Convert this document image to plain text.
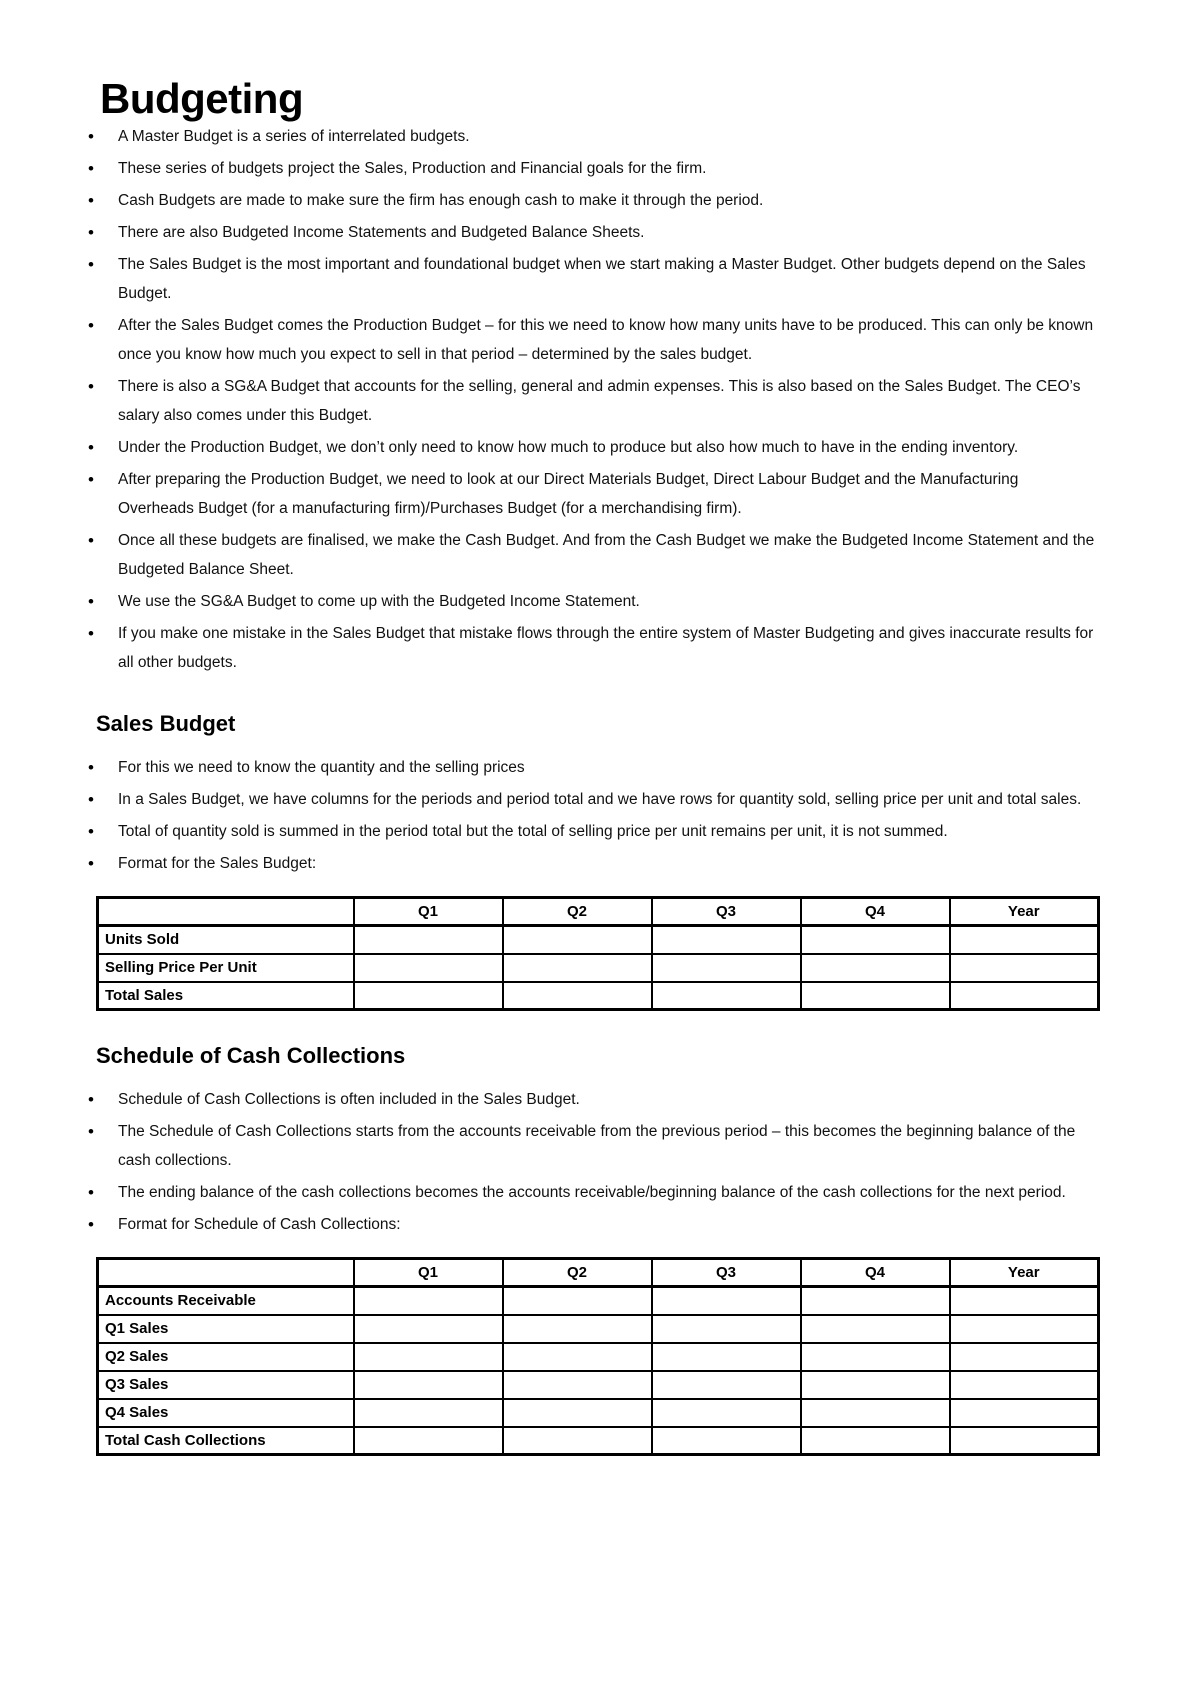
Budgeting
• A Master Budget is a series of interrelated budgets.
• These series of budgets project the Sales, Production and Financial goals for the firm.
• Cash Budgets are made to make sure the firm has enough cash to make it through the period.
• There are also Budgeted Income Statements and Budgeted Balance Sheets.
• The Sales Budget is the most important and foundational budget when we start making a Master Budget. Other budgets depend on the Sales Budget.
• After the Sales Budget comes the Production Budget – for this we need to know how many units have to be produced. This can only be known once you know how much you expect to sell in that period – determined by the sales budget.
• There is also a SG&A Budget that accounts for the selling, general and admin expenses. This is also based on the Sales Budget. The CEO’s salary also comes under this Budget.
• Under the Production Budget, we don’t only need to know how much to produce but also how much to have in the ending inventory.
• After preparing the Production Budget, we need to look at our Direct Materials Budget, Direct Labour Budget and the Manufacturing Overheads Budget (for a manufacturing firm)/Purchases Budget (for a merchandising firm).
• Once all these budgets are finalised, we make the Cash Budget. And from the Cash Budget we make the Budgeted Income Statement and the Budgeted Balance Sheet.
• We use the SG&A Budget to come up with the Budgeted Income Statement.
• If you make one mistake in the Sales Budget that mistake flows through the entire system of Master Budgeting and gives inaccurate results for all other budgets.
Sales Budget
• For this we need to know the quantity and the selling prices
• In a Sales Budget, we have columns for the periods and period total and we have rows for quantity sold, selling price per unit and total sales.
• Total of quantity sold is summed in the period total but the total of selling price per unit remains per unit, it is not summed.
• Format for the Sales Budget:
	Q1	Q2	Q3	Q4	Year
Units Sold					
Selling Price Per Unit					
Total Sales					
Schedule of Cash Collections
• Schedule of Cash Collections is often included in the Sales Budget.
• The Schedule of Cash Collections starts from the accounts receivable from the previous period – this becomes the beginning balance of the cash collections.
• The ending balance of the cash collections becomes the accounts receivable/beginning balance of the cash collections for the next period.
• Format for Schedule of Cash Collections:
	Q1	Q2	Q3	Q4	Year
Accounts Receivable					
Q1 Sales					
Q2 Sales					
Q3 Sales					
Q4 Sales					
Total Cash Collections					
